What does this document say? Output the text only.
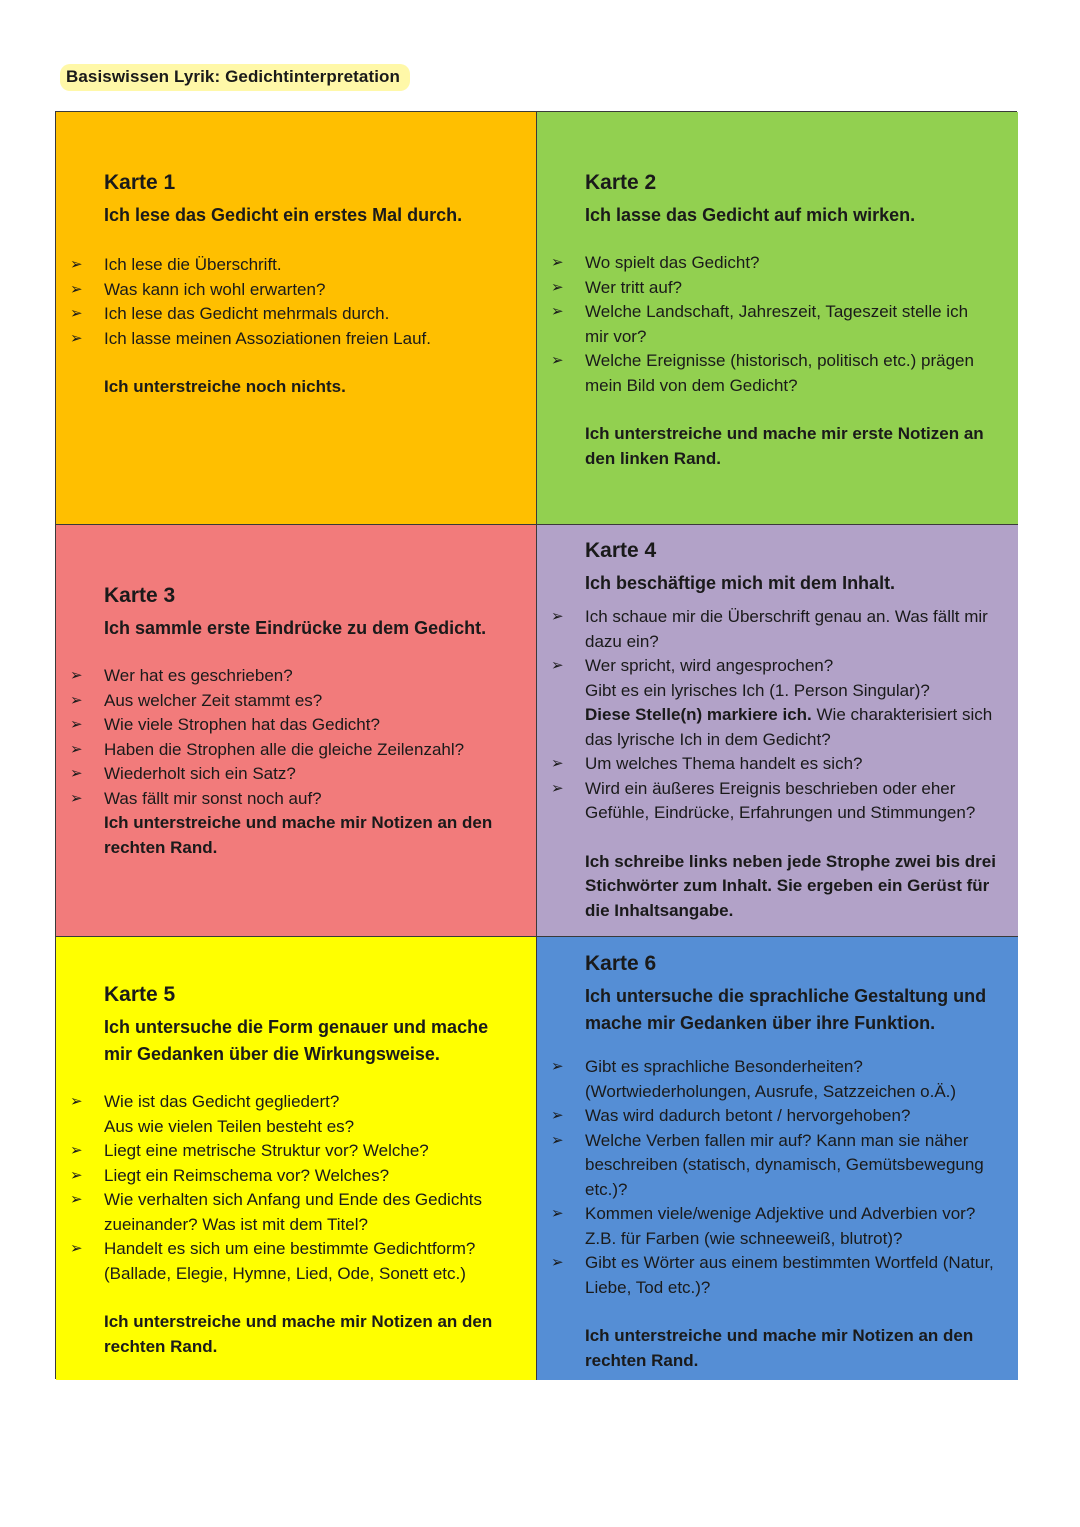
Basiswissen Lyrik: Gedichtinterpretation
Karte 1
Ich lese das Gedicht ein erstes Mal durch.
➢ Ich lese die Überschrift.
➢ Was kann ich wohl erwarten?
➢ Ich lese das Gedicht mehrmals durch.
➢ Ich lasse meinen Assoziationen freien Lauf.
Ich unterstreiche noch nichts.
Karte 2
Ich lasse das Gedicht auf mich wirken.
➢ Wo spielt das Gedicht?
➢ Wer tritt auf?
➢ Welche Landschaft, Jahreszeit, Tageszeit stelle ich mir vor?
➢ Welche Ereignisse (historisch, politisch etc.) prägen mein Bild von dem Gedicht?
Ich unterstreiche und mache mir erste Notizen an den linken Rand.
Karte 3
Ich sammle erste Eindrücke zu dem Gedicht.
➢ Wer hat es geschrieben?
➢ Aus welcher Zeit stammt es?
➢ Wie viele Strophen hat das Gedicht?
➢ Haben die Strophen alle die gleiche Zeilenzahl?
➢ Wiederholt sich ein Satz?
➢ Was fällt mir sonst noch auf?
Ich unterstreiche und mache mir Notizen an den rechten Rand.
Karte 4
Ich beschäftige mich mit dem Inhalt.
➢ Ich schaue mir die Überschrift genau an. Was fällt mir dazu ein?
➢ Wer spricht, wird angesprochen?
Gibt es ein lyrisches Ich (1. Person Singular)?
Diese Stelle(n) markiere ich. Wie charakterisiert sich das lyrische Ich in dem Gedicht?
➢ Um welches Thema handelt es sich?
➢ Wird ein äußeres Ereignis beschrieben oder eher Gefühle, Eindrücke, Erfahrungen und Stimmungen?
Ich schreibe links neben jede Strophe zwei bis drei Stichwörter zum Inhalt. Sie ergeben ein Gerüst für die Inhaltsangabe.
Karte 5
Ich untersuche die Form genauer und mache mir Gedanken über die Wirkungsweise.
➢ Wie ist das Gedicht gegliedert?
Aus wie vielen Teilen besteht es?
➢ Liegt eine metrische Struktur vor? Welche?
➢ Liegt ein Reimschema vor? Welches?
➢ Wie verhalten sich Anfang und Ende des Gedichts zueinander? Was ist mit dem Titel?
➢ Handelt es sich um eine bestimmte Gedichtform? (Ballade, Elegie, Hymne, Lied, Ode, Sonett etc.)
Ich unterstreiche und mache mir Notizen an den rechten Rand.
Karte 6
Ich untersuche die sprachliche Gestaltung und mache mir Gedanken über ihre Funktion.
➢ Gibt es sprachliche Besonderheiten? (Wortwiederholungen, Ausrufe, Satzzeichen o.Ä.)
➢ Was wird dadurch betont / hervorgehoben?
➢ Welche Verben fallen mir auf? Kann man sie näher beschreiben (statisch, dynamisch, Gemütsbewegung etc.)?
➢ Kommen viele/wenige Adjektive und Adverbien vor? Z.B. für Farben (wie schneeweiß, blutrot)?
➢ Gibt es Wörter aus einem bestimmten Wortfeld (Natur, Liebe, Tod etc.)?
Ich unterstreiche und mache mir Notizen an den rechten Rand.
